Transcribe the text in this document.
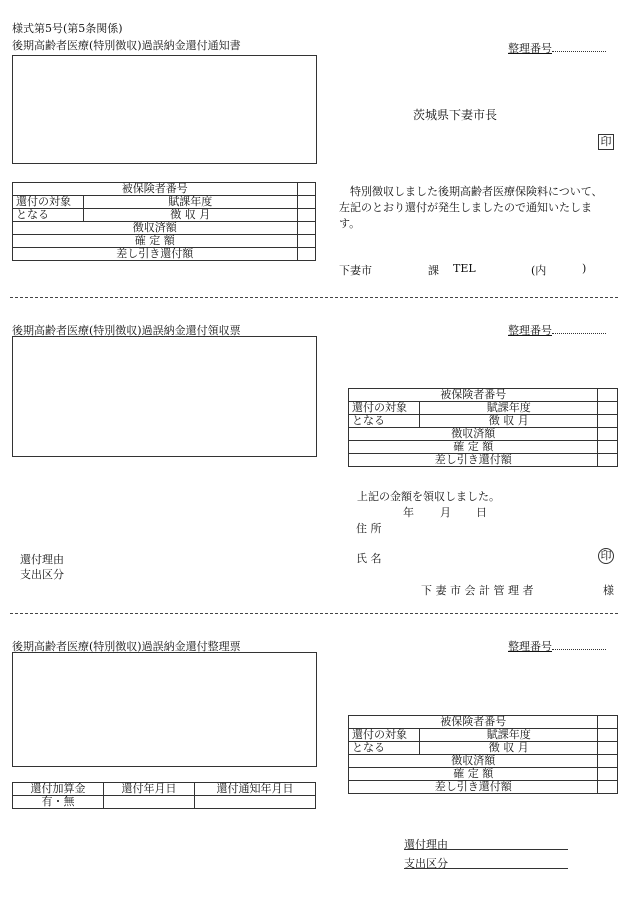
様式第5号(第5条関係)
後期高齢者医療(特別徴収)過誤納金還付通知書	整理番号
茨城県下妻市長
印
被保険者番号		
還付の対象	賦課年度	
となる	徴 収 月	
徴収済額		
確 定 額		
差し引き還付額		
特別徴収しました後期高齢者医療保険料について、左記のとおり還付が発生しましたので通知いたします。
下妻市	課 TEL	(内	)
後期高齢者医療(特別徴収)過誤納金還付領収票	整理番号
被保険者番号		
還付の対象	賦課年度	
となる	徴 収 月	
徴収済額		
確 定 額		
差し引き還付額		
上記の金額を領収しました。
年 月 日
住 所
還付理由
支出区分
氏 名	印
下 妻 市 会 計 管 理 者	様
後期高齢者医療(特別徴収)過誤納金還付整理票	整理番号
被保険者番号		
還付の対象	賦課年度	
となる	徴 収 月	
徴収済額		
確 定 額		
差し引き還付額		
還付加算金	還付年月日	還付通知年月日
有・無		
還付理由
支出区分
